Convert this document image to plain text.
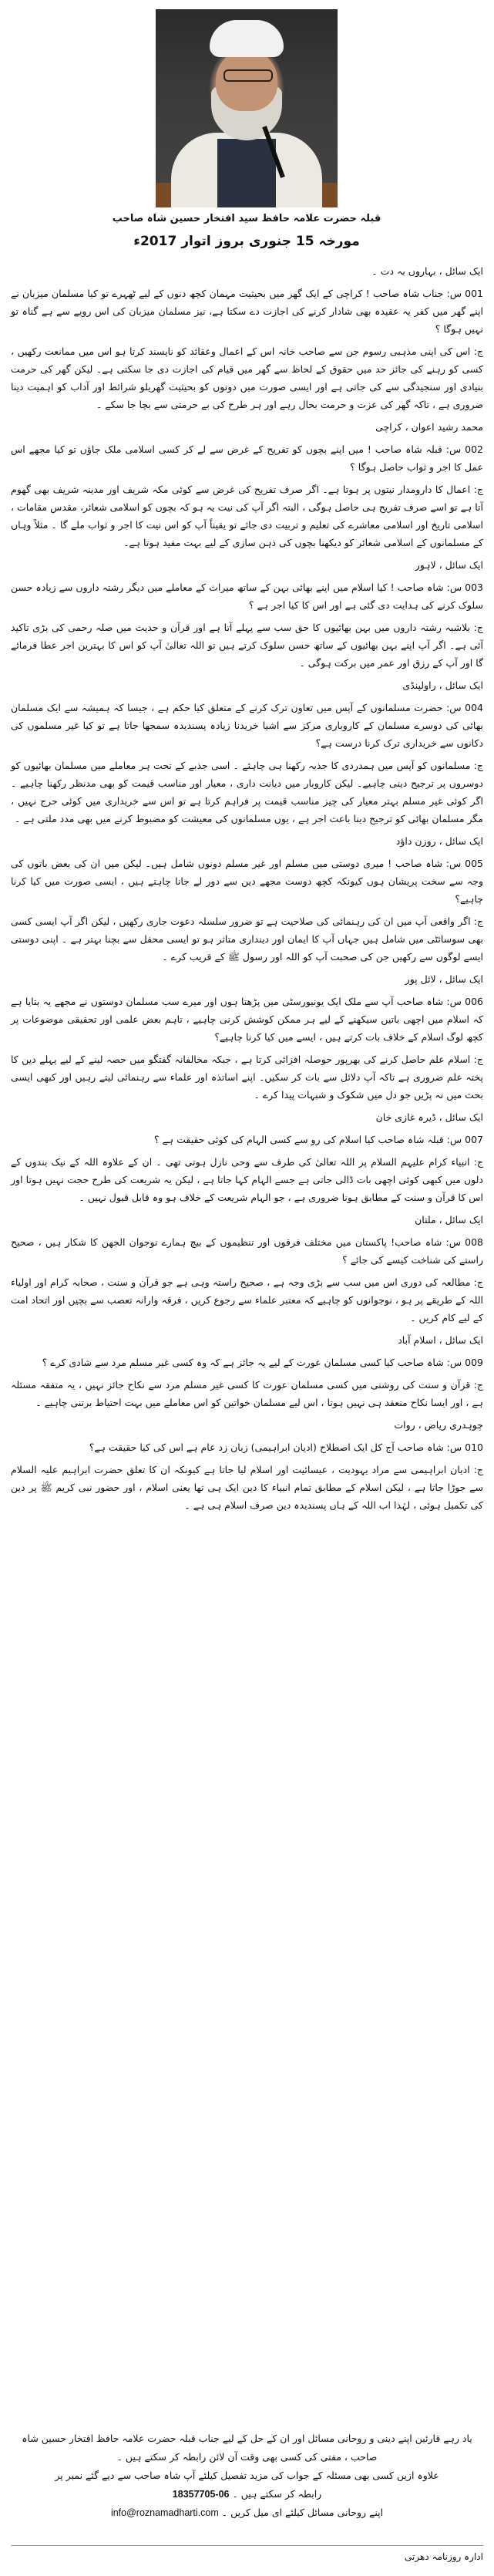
قبلہ حضرت علامہ حافظ سید افتخار حسین شاہ صاحب
مورخہ 15 جنوری بروز اتوار 2017ء

ایک سائل ، بہاروں بہ دت ۔

001 س: جناب شاہ صاحب ! کراچی کے ایک گھر میں بحیثیت مہمان کچھ دنوں کے لیے ٹھہرے تو کیا مسلمان میزبان نے اپنے گھر میں کفر یہ عقیدہ بھی شادار کرنے کی اجازت دے سکتا ہے، نیز مسلمان میزبان کی اس رویے سے ہے گناہ تو نہیں ہوگا ؟

ج: اس کی اپنی مذہبی رسوم جن سے صاحب خانہ اس کے اعمال وعقائد کو ناپسند کرتا ہو اس میں ممانعت رکھیں ، کسی کو رہنے کی جائز حد میں حقوق کے لحاظ سے گھر میں قیام کی اجازت دی جا سکتی ہے۔ لیکن گھر کی حرمت بنیادی اور سنجیدگی سے کی جاتی ہے اور ایسی صورت میں دونوں کو بحیثیت گھریلو شرائط اور آداب کو اہمیت دینا ضروری ہے ، تاکہ گھر کی عزت و حرمت بحال رہے اور ہر طرح کی بے حرمتی سے بچا جا سکے ۔

محمد رشید اعوان ، کراچی

002 س: قبلہ شاہ صاحب ! میں اپنے بچوں کو تفریح کے غرض سے لے کر کسی اسلامی ملک جاؤں تو کیا مجھے اس عمل کا اجر و ثواب حاصل ہوگا ؟

ج: اعمال کا دارومدار نیتوں پر ہوتا ہے۔ اگر صرف تفریح کی غرض سے کوئی مکہ شریف اور مدینہ شریف بھی گھوم آتا ہے تو اسے صرف تفریح ہی حاصل ہوگی ، البتہ اگر آپ کی نیت یہ ہو کہ بچوں کو اسلامی شعائر، مقدس مقامات ، اسلامی تاریخ اور اسلامی معاشرے کی تعلیم و تربیت دی جائے تو یقیناً آپ کو اس نیت کا اجر و ثواب ملے گا ۔ مثلاً وہاں کے مسلمانوں کے اسلامی شعائر کو دیکھنا بچوں کی ذہن سازی کے لیے بہت مفید ہوتا ہے۔

ایک سائل ، لاہور

003 س: شاہ صاحب ! کیا اسلام میں اپنے بھائی بہن کے ساتھ میراث کے معاملے میں دیگر رشتہ داروں سے زیادہ حسن سلوک کرنے کی ہدایت دی گئی ہے اور اس کا کیا اجر ہے ؟

ج: بلاشبہ رشتہ داروں میں بہن بھائیوں کا حق سب سے پہلے آتا ہے اور قرآن و حدیث میں صلہ رحمی کی بڑی تاکید آئی ہے۔ اگر آپ اپنے بہن بھائیوں کے ساتھ حسن سلوک کرتے ہیں تو اللہ تعالیٰ آپ کو اس کا بہترین اجر عطا فرمائے گا اور آپ کے رزق اور عمر میں برکت ہوگی ۔

ایک سائل ، راولپنڈی

004 س: حضرت مسلمانوں کے آپس میں تعاون ترک کرنے کے متعلق کیا حکم ہے ، جیسا کہ ہمیشہ سے ایک مسلمان بھائی کی دوسرے مسلمان کے کاروباری مرکز سے اشیا خریدنا زیادہ پسندیدہ سمجھا جاتا ہے تو کیا غیر مسلموں کی دکانوں سے خریداری ترک کرنا درست ہے؟

ج: مسلمانوں کو آپس میں ہمدردی کا جذبہ رکھنا ہی چاہئے ۔ اسی جذبے کے تحت ہر معاملے میں مسلمان بھائیوں کو دوسروں پر ترجیح دینی چاہیے۔ لیکن کاروبار میں دیانت داری ، معیار اور مناسب قیمت کو بھی مدنظر رکھنا چاہیے ۔ اگر کوئی غیر مسلم بہتر معیار کی چیز مناسب قیمت پر فراہم کرتا ہے تو اس سے خریداری میں کوئی حرج نہیں ، مگر مسلمان بھائی کو ترجیح دینا باعث اجر ہے ، یوں مسلمانوں کی معیشت کو مضبوط کرنے میں بھی مدد ملتی ہے ۔

ایک سائل ، روزن داؤد

005 س: شاہ صاحب ! میری دوستی میں مسلم اور غیر مسلم دونوں شامل ہیں۔ لیکن میں ان کی بعض باتوں کی وجہ سے سخت پریشان ہوں کیونکہ کچھ دوست مجھے دین سے دور لے جانا چاہتے ہیں ، ایسی صورت میں کیا کرنا چاہیے؟

ج: اگر واقعی آپ میں ان کی رہنمائی کی صلاحیت ہے تو ضرور سلسلہ دعوت جاری رکھیں ، لیکن اگر آپ ایسی کسی بھی سوسائٹی میں شامل ہیں جہاں آپ کا ایمان اور دینداری متاثر ہو تو ایسی محفل سے بچنا بہتر ہے ۔ اپنی دوستی ایسے لوگوں سے رکھیں جن کی صحبت آپ کو اللہ اور رسول ﷺ کے قریب کرے ۔

ایک سائل ، لائل پور

006 س: شاہ صاحب آپ سے ملک ایک یونیورسٹی میں پڑھتا ہوں اور میرے سب مسلمان دوستوں نے مجھے یہ بتایا ہے کہ اسلام میں اچھی باتیں سیکھنے کے لیے ہر ممکن کوشش کرنی چاہیے ، تاہم بعض علمی اور تحقیقی موضوعات پر کچھ لوگ اسلام کے خلاف بات کرتے ہیں ، ایسے میں کیا کرنا چاہیے؟

ج: اسلام علم حاصل کرنے کی بھرپور حوصلہ افزائی کرتا ہے ، جبکہ مخالفانہ گفتگو میں حصہ لینے کے لیے پہلے دین کا پختہ علم ضروری ہے تاکہ آپ دلائل سے بات کر سکیں۔ اپنے اساتذہ اور علماء سے رہنمائی لیتے رہیں اور کبھی ایسی بحث میں نہ پڑیں جو دل میں شکوک و شبہات پیدا کرے ۔

ایک سائل ، ڈیرہ غازی خان

007 س: قبلہ شاہ صاحب کیا اسلام کی رو سے کسی الہام کی کوئی حقیقت ہے ؟

ج: انبیاء کرام علیہم السلام پر اللہ تعالیٰ کی طرف سے وحی نازل ہوتی تھی ۔ ان کے علاوہ اللہ کے نیک بندوں کے دلوں میں کبھی کوئی اچھی بات ڈالی جاتی ہے جسے الہام کہا جاتا ہے ، لیکن یہ شریعت کی طرح حجت نہیں ہوتا اور اس کا قرآن و سنت کے مطابق ہونا ضروری ہے ، جو الہام شریعت کے خلاف ہو وہ قابل قبول نہیں ۔

ایک سائل ، ملتان

008 س: شاہ صاحب! پاکستان میں مختلف فرقوں اور تنظیموں کے بیچ ہمارے نوجوان الجھن کا شکار ہیں ، صحیح راستے کی شناخت کیسے کی جائے ؟

ج: مطالعہ کی دوری اس میں سب سے بڑی وجہ ہے ، صحیح راستہ وہی ہے جو قرآن و سنت ، صحابہ کرام اور اولیاء اللہ کے طریقے پر ہو ، نوجوانوں کو چاہیے کہ معتبر علماء سے رجوع کریں ، فرقہ وارانہ تعصب سے بچیں اور اتحاد امت کے لیے کام کریں ۔

ایک سائل ، اسلام آباد

009 س: شاہ صاحب کیا کسی مسلمان عورت کے لیے یہ جائز ہے کہ وہ کسی غیر مسلم مرد سے شادی کرے ؟

ج: قرآن و سنت کی روشنی میں کسی مسلمان عورت کا کسی غیر مسلم مرد سے نکاح جائز نہیں ، یہ متفقہ مسئلہ ہے ، اور ایسا نکاح منعقد ہی نہیں ہوتا ، اس لیے مسلمان خواتین کو اس معاملے میں بہت احتیاط برتنی چاہیے ۔

چوہدری ریاض ، روات

010 س: شاہ صاحب آج کل ایک اصطلاح (ادیان ابراہیمی) زبان زد عام ہے اس کی کیا حقیقت ہے؟

ج: ادیان ابراہیمی سے مراد یہودیت ، عیسائیت اور اسلام لیا جاتا ہے کیونکہ ان کا تعلق حضرت ابراہیم علیہ السلام سے جوڑا جاتا ہے ، لیکن اسلام کے مطابق تمام انبیاء کا دین ایک ہی تھا یعنی اسلام ، اور حضور نبی کریم ﷺ پر دین کی تکمیل ہوئی ، لہٰذا اب اللہ کے ہاں پسندیدہ دین صرف اسلام ہی ہے ۔

یاد رہے قارئین اپنے دینی و روحانی مسائل اور ان کے حل کے لیے جناب قبلہ حضرت علامہ حافظ افتخار حسین شاہ صاحب ، مفتی کی کسی بھی وقت آن لائن رابطہ کر سکتے ہیں ۔
علاوہ ازیں کسی بھی مسئلہ کے جواب کی مزید تفصیل کیلئے آپ شاہ صاحب سے دیے گئے نمبر پر
رابطہ کر سکتے ہیں ۔ 06-18357705
اپنے روحانی مسائل کیلئے ای میل کریں ۔ info@roznamadharti.com
ادارہ روزنامہ دھرتی
